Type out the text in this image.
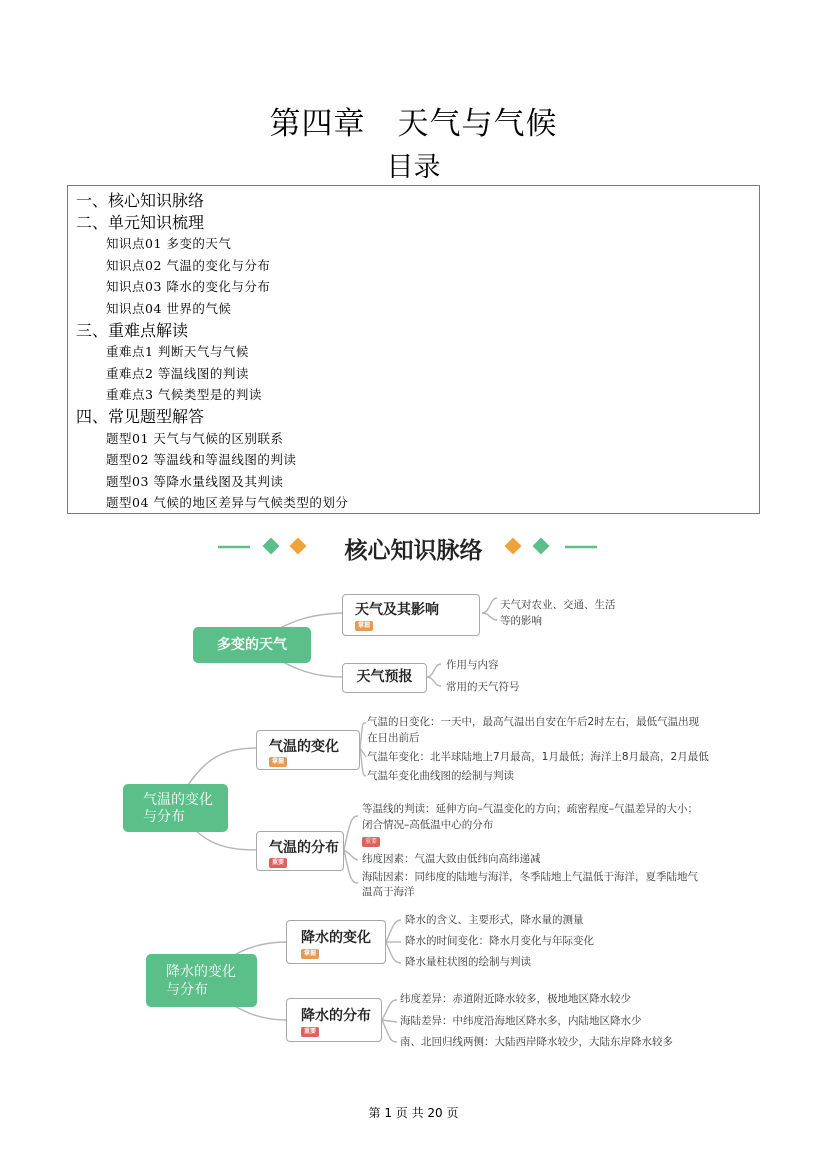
第四章　天气与气候
目录
一、核心知识脉络
二、单元知识梳理
知识点01 多变的天气
知识点02 气温的变化与分布
知识点03 降水的变化与分布
知识点04 世界的气候
三、重难点解读
重难点1 判断天气与气候
重难点2 等温线图的判读
重难点3 气候类型是的判读
四、常见题型解答
题型01 天气与气候的区别联系
题型02 等温线和等温线图的判读
题型03 等降水量线图及其判读
题型04 气候的地区差异与气候类型的划分
核心知识脉络
多变的天气
天气及其影响
掌握
天气对农业、交通、生活
等的影响
天气预报
作用与内容
常用的天气符号
气温的变化
与分布
气温的变化
掌握
气温的日变化：一天中，最高气温出自安在午后2时左右，最低气温出现
在日出前后
气温年变化：北半球陆地上7月最高，1月最低；海洋上8月最高，2月最低
气温年变化曲线图的绘制与判读
气温的分布
重要
等温线的判读：延伸方向–气温变化的方向；疏密程度–气温差异的大小；
闭合情况–高低温中心的分布
重要
纬度因素：气温大致由低纬向高纬递减
海陆因素：同纬度的陆地与海洋，冬季陆地上气温低于海洋，夏季陆地气
温高于海洋
降水的变化
与分布
降水的变化
掌握
降水的含义、主要形式，降水量的测量
降水的时间变化：降水月变化与年际变化
降水量柱状图的绘制与判读
降水的分布
重要
纬度差异：赤道附近降水较多，极地地区降水较少
海陆差异：中纬度沿海地区降水多，内陆地区降水少
南、北回归线两侧：大陆西岸降水较少，大陆东岸降水较多
第 1 页 共 20 页
